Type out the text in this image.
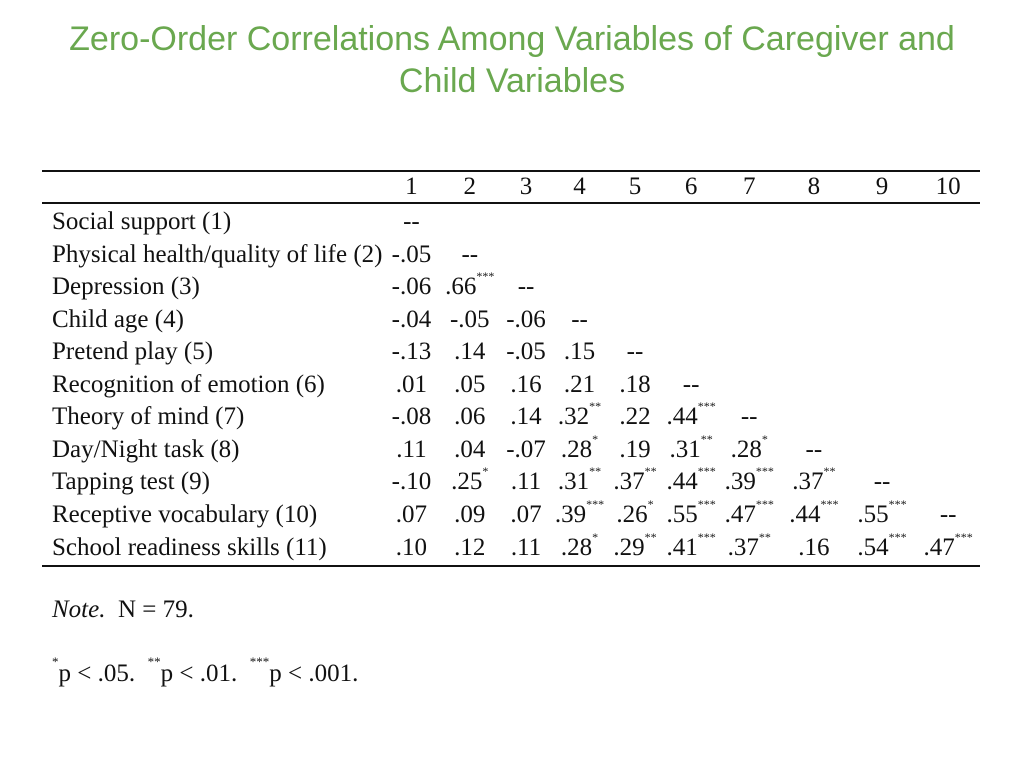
Zero-Order Correlations Among Variables of Caregiver and Child Variables
	1	2	3	4	5	6	7	8	9	10
Social support (1)	--									
Physical health/quality of life (2)	-.05	--								
Depression (3)	-.06	.66***	--							
Child age (4)	-.04	-.05	-.06	--						
Pretend play (5)	-.13	.14	-.05	.15	--					
Recognition of emotion (6)	.01	.05	.16	.21	.18	--				
Theory of mind (7)	-.08	.06	.14	.32**	.22	.44***	--			
Day/Night task (8)	.11	.04	-.07	.28*	.19	.31**	.28*	--		
Tapping test (9)	-.10	.25*	.11	.31**	.37**	.44***	.39***	.37**	--	
Receptive vocabulary (10)	.07	.09	.07	.39***	.26*	.55***	.47***	.44***	.55***	--
School readiness skills (11)	.10	.12	.11	.28*	.29**	.41***	.37**	.16	.54***	.47***
Note. N = 79.
*p < .05. **p < .01. ***p < .001.
